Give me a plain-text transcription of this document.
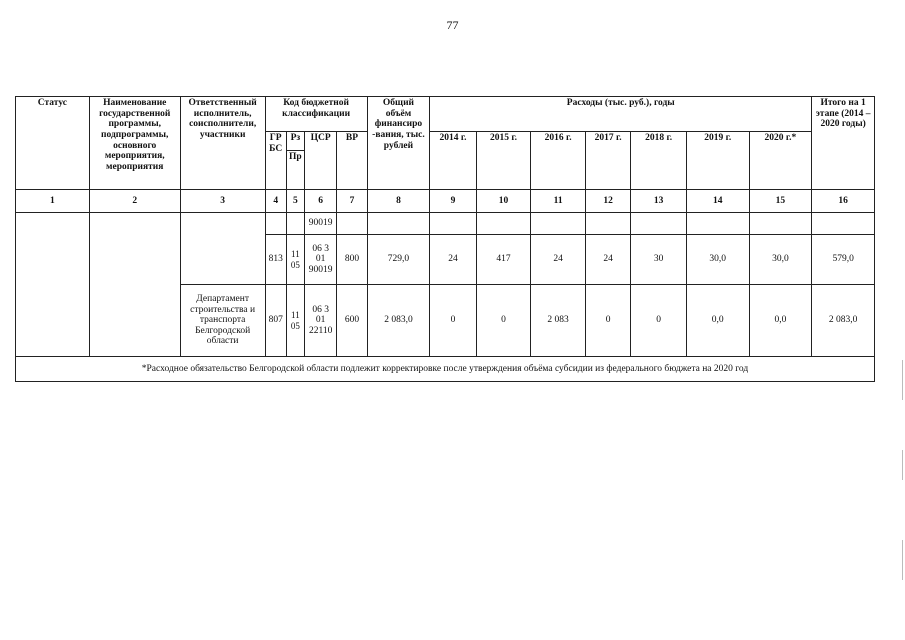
77
Статус	Наименование государственной программы, подпрограммы, основного мероприятия, мероприятия	Ответственный исполнитель, соисполнители, участники	Код бюджетной классификации				Общий объём финансиро -вания, тыс. рублей	Расходы (тыс. руб.), годы							Итого на 1 этапе (2014 – 2020 годы)
			ГР БС	Рз	ЦСР	ВР		2014 г.	2015 г.	2016 г.	2017 г.	2018 г.	2019 г.	2020 г.*	
				Пр											
1	2	3	4	5	6	7	8	9	10	11	12	13	14	15	16
					90019										
			813	11 05	06 3 01 90019	800	729,0	24	417	24	24	30	30,0	30,0	579,0
		Департамент строительства и транспорта Белгородской области	807	11 05	06 3 01 22110	600	2 083,0	0	0	2 083	0	0	0,0	0,0	2 083,0
*Расходное обязательство Белгородской области подлежит корректировке после утверждения объёма субсидии из федерального бюджета на 2020 год															
